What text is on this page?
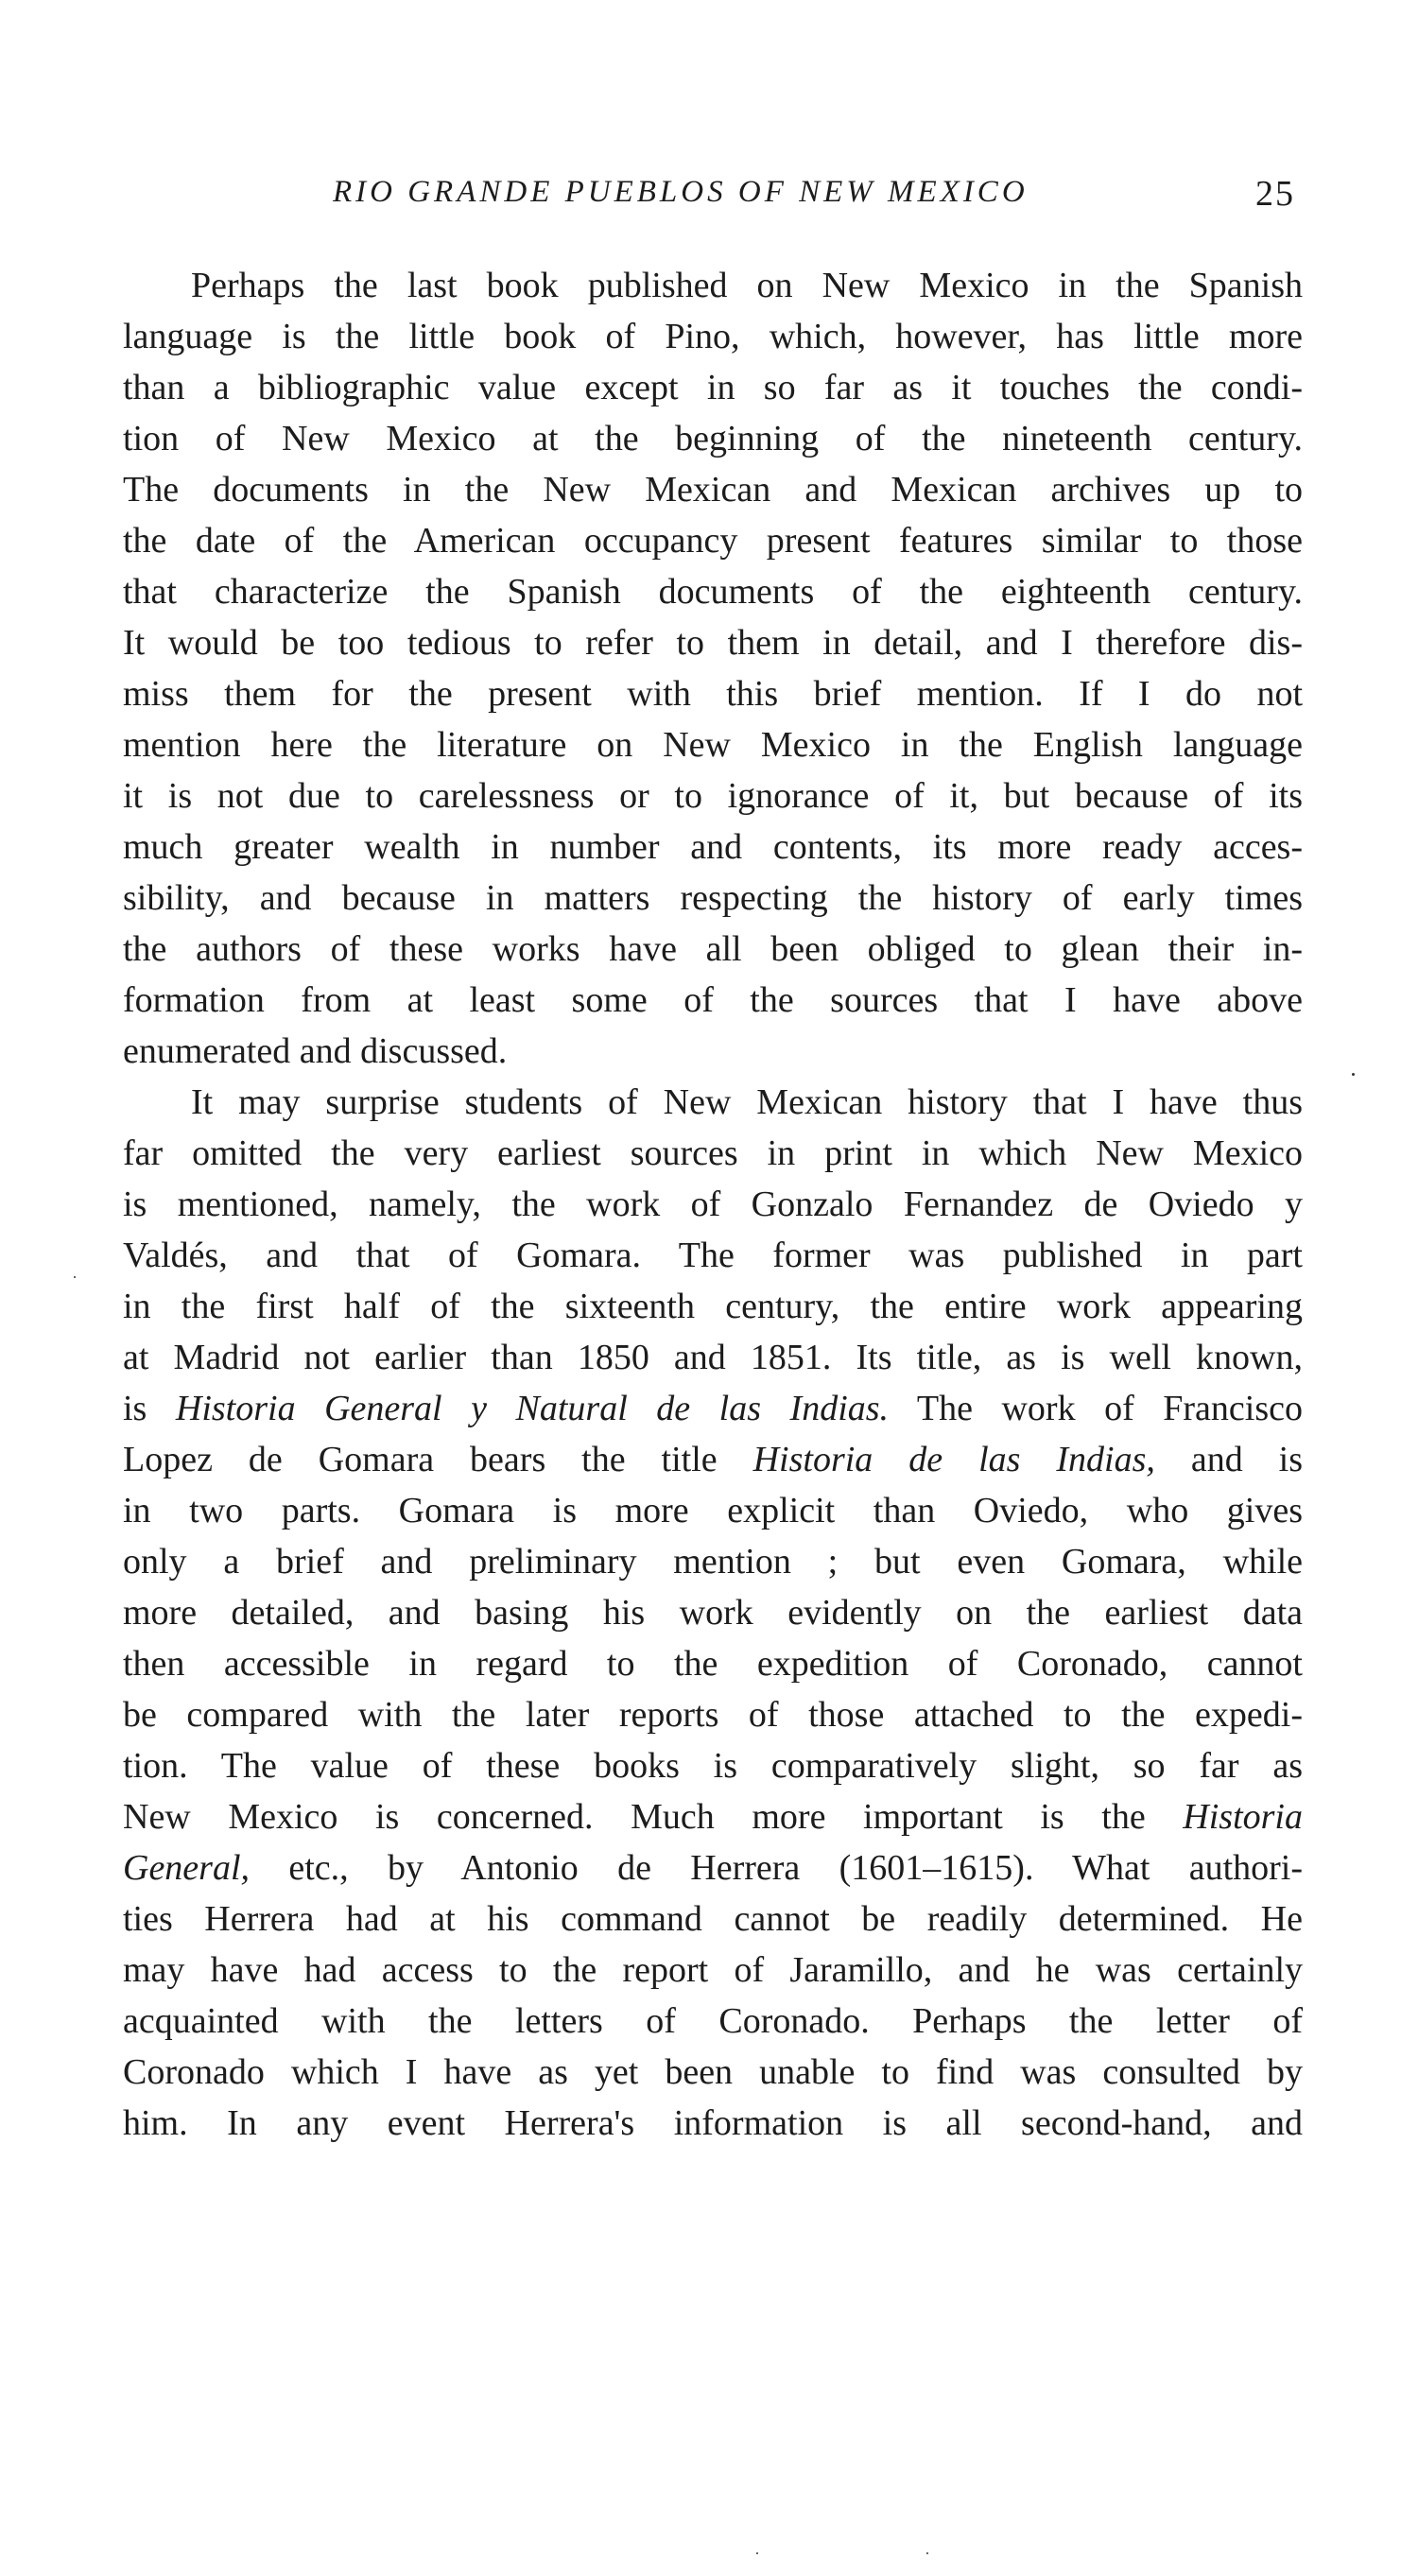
RIO GRANDE PUEBLOS OF NEW MEXICO	25
Perhaps the last book published on New Mexico in the Spanish
language is the little book of Pino, which, however, has little more
than a bibliographic value except in so far as it touches the condi-
tion of New Mexico at the beginning of the nineteenth century.
The documents in the New Mexican and Mexican archives up to
the date of the American occupancy present features similar to those
that characterize the Spanish documents of the eighteenth century.
It would be too tedious to refer to them in detail, and I therefore dis-
miss them for the present with this brief mention. If I do not
mention here the literature on New Mexico in the English language
it is not due to carelessness or to ignorance of it, but because of its
much greater wealth in number and contents, its more ready acces-
sibility, and because in matters respecting the history of early times
the authors of these works have all been obliged to glean their in-
formation from at least some of the sources that I have above
enumerated and discussed.
It may surprise students of New Mexican history that I have thus
far omitted the very earliest sources in print in which New Mexico
is mentioned, namely, the work of Gonzalo Fernandez de Oviedo y
Valdés, and that of Gomara. The former was published in part
in the first half of the sixteenth century, the entire work appearing
at Madrid not earlier than 1850 and 1851. Its title, as is well known,
is Historia General y Natural de las Indias. The work of Francisco
Lopez de Gomara bears the title Historia de las Indias, and is
in two parts. Gomara is more explicit than Oviedo, who gives
only a brief and preliminary mention ; but even Gomara, while
more detailed, and basing his work evidently on the earliest data
then accessible in regard to the expedition of Coronado, cannot
be compared with the later reports of those attached to the expedi-
tion. The value of these books is comparatively slight, so far as
New Mexico is concerned. Much more important is the Historia
General, etc., by Antonio de Herrera (1601–1615). What authori-
ties Herrera had at his command cannot be readily determined. He
may have had access to the report of Jaramillo, and he was certainly
acquainted with the letters of Coronado. Perhaps the letter of
Coronado which I have as yet been unable to find was consulted by
him. In any event Herrera's information is all second-hand, and
